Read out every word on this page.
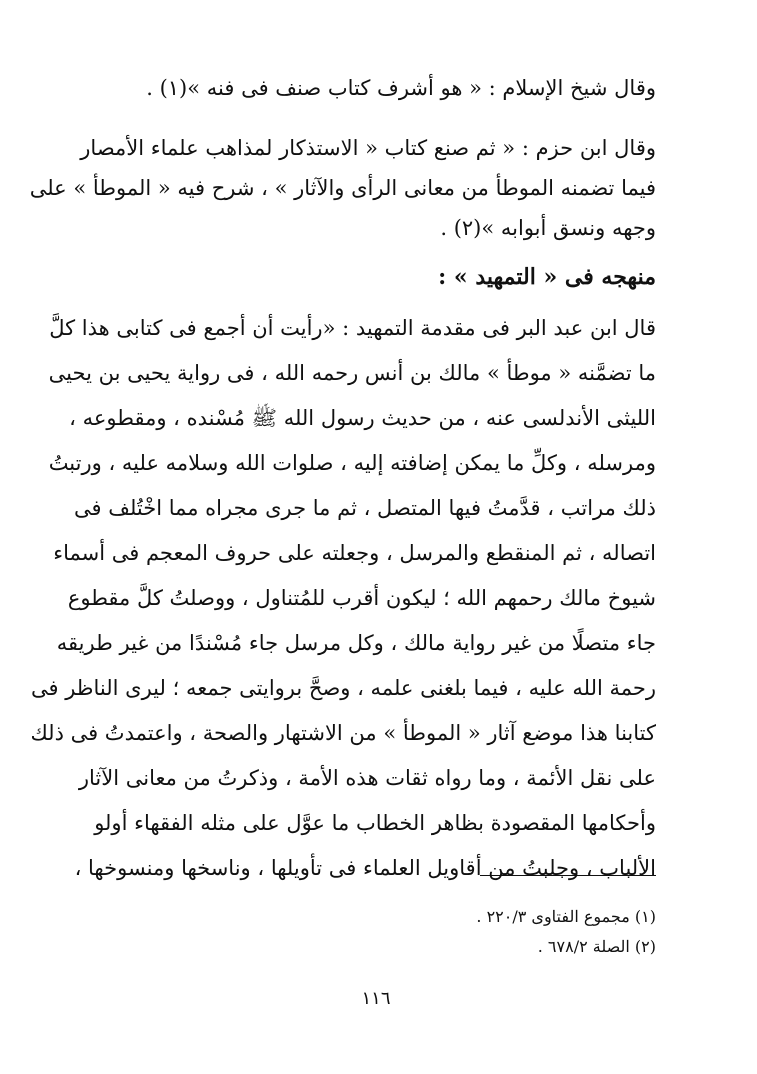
وقال شيخ الإسلام : « هو أشرف كتاب صنف فى فنه »(١) .
وقال ابن حزم : « ثم صنع كتاب « الاستذكار لمذاهب علماء الأمصار
فيما تضمنه الموطأ من معانى الرأى والآثار » ، شرح فيه « الموطأ » على
وجهه ونسق أبوابه »(٢) .
منهجه فى « التمهيد » :
قال ابن عبد البر فى مقدمة التمهيد : «رأيت أن أجمع فى كتابى هذا كلَّ
ما تضمَّنه « موطأ » مالك بن أنس رحمه الله ، فى رواية يحيى بن يحيى
الليثى الأندلسى عنه ، من حديث رسول الله ﷺ مُسْنده ، ومقطوعه ،
ومرسله ، وكلِّ ما يمكن إضافته إليه ، صلوات الله وسلامه عليه ، ورتبتُ
ذلك مراتب ، قدَّمتُ فيها المتصل ، ثم ما جرى مجراه مما اخْتُلف فى
اتصاله ، ثم المنقطع والمرسل ، وجعلته على حروف المعجم فى أسماء
شيوخ مالك رحمهم الله ؛ ليكون أقرب للمُتناول ، ووصلتُ كلَّ مقطوع
جاء متصلًا من غير رواية مالك ، وكل مرسل جاء مُسْندًا من غير طريقه
رحمة الله عليه ، فيما بلغنى علمه ، وصحَّ بروايتى جمعه ؛ ليرى الناظر فى
كتابنا هذا موضع آثار « الموطأ » من الاشتهار والصحة ، واعتمدتُ فى ذلك
على نقل الأئمة ، وما رواه ثقات هذه الأمة ، وذكرتُ من معانى الآثار
وأحكامها المقصودة بظاهر الخطاب ما عوَّل على مثله الفقهاء أولو
الألباب ، وجلبتُ من أقاويل العلماء فى تأويلها ، وناسخها ومنسوخها ،
(١) مجموع الفتاوى ٢٢٠/٣ .
(٢) الصلة ٦٧٨/٢ .
١١٦
